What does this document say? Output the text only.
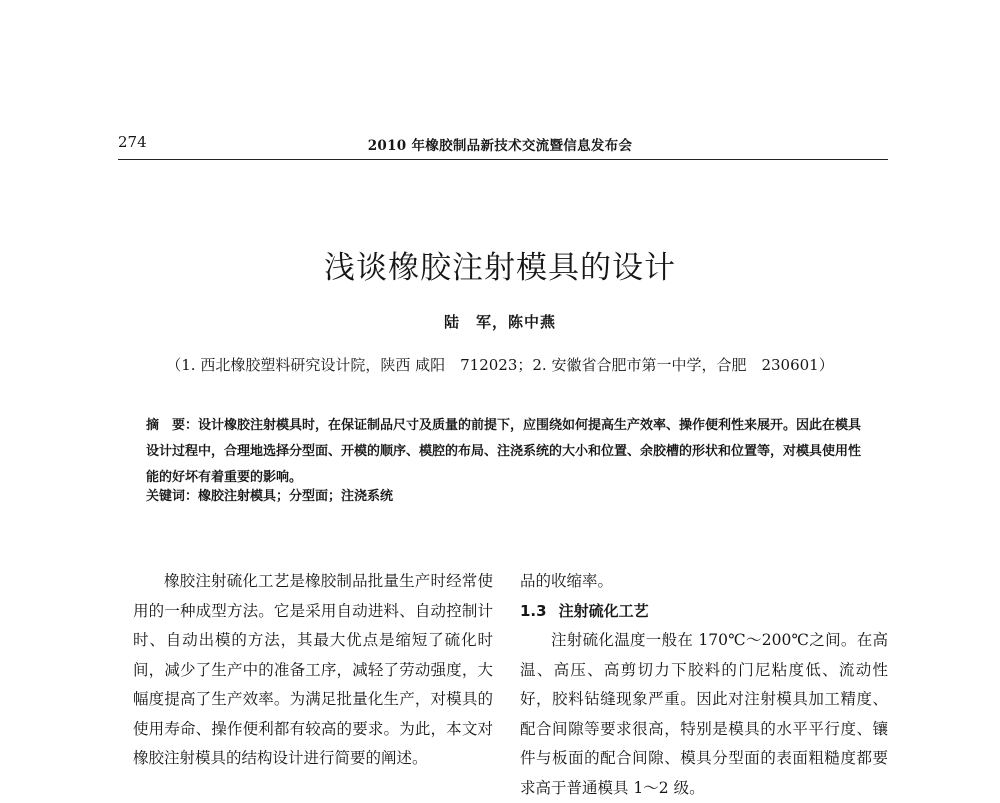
274	2010 年橡胶制品新技术交流暨信息发布会
浅谈橡胶注射模具的设计
陆　军，陈中燕
（1. 西北橡胶塑料研究设计院，陕西 咸阳　712023；2. 安徽省合肥市第一中学，合肥　230601）

摘　要：设计橡胶注射模具时，在保证制品尺寸及质量的前提下，应围绕如何提高生产效率、操作便利性来展开。因此在模具设计过程中，合理地选择分型面、开模的顺序、模腔的布局、注浇系统的大小和位置、余胶槽的形状和位置等，对模具使用性能的好坏有着重要的影响。

关键词：橡胶注射模具；分型面；注浇系统

橡胶注射硫化工艺是橡胶制品批量生产时经常使用的一种成型方法。它是采用自动进料、自动控制计时、自动出模的方法，其最大优点是缩短了硫化时间，减少了生产中的准备工序，减轻了劳动强度，大幅度提高了生产效率。为满足批量化生产，对模具的使用寿命、操作便利都有较高的要求。为此，本文对橡胶注射模具的结构设计进行简要的阐述。

品的收缩率。

1.3 注射硫化工艺

注射硫化温度一般在 170℃～200℃之间。在高温、高压、高剪切力下胶料的门尼粘度低、流动性好，胶料钻缝现象严重。因此对注射模具加工精度、配合间隙等要求很高，特别是模具的水平平行度、镶件与板面的配合间隙、模具分型面的表面粗糙度都要求高于普通模具 1～2 级。
